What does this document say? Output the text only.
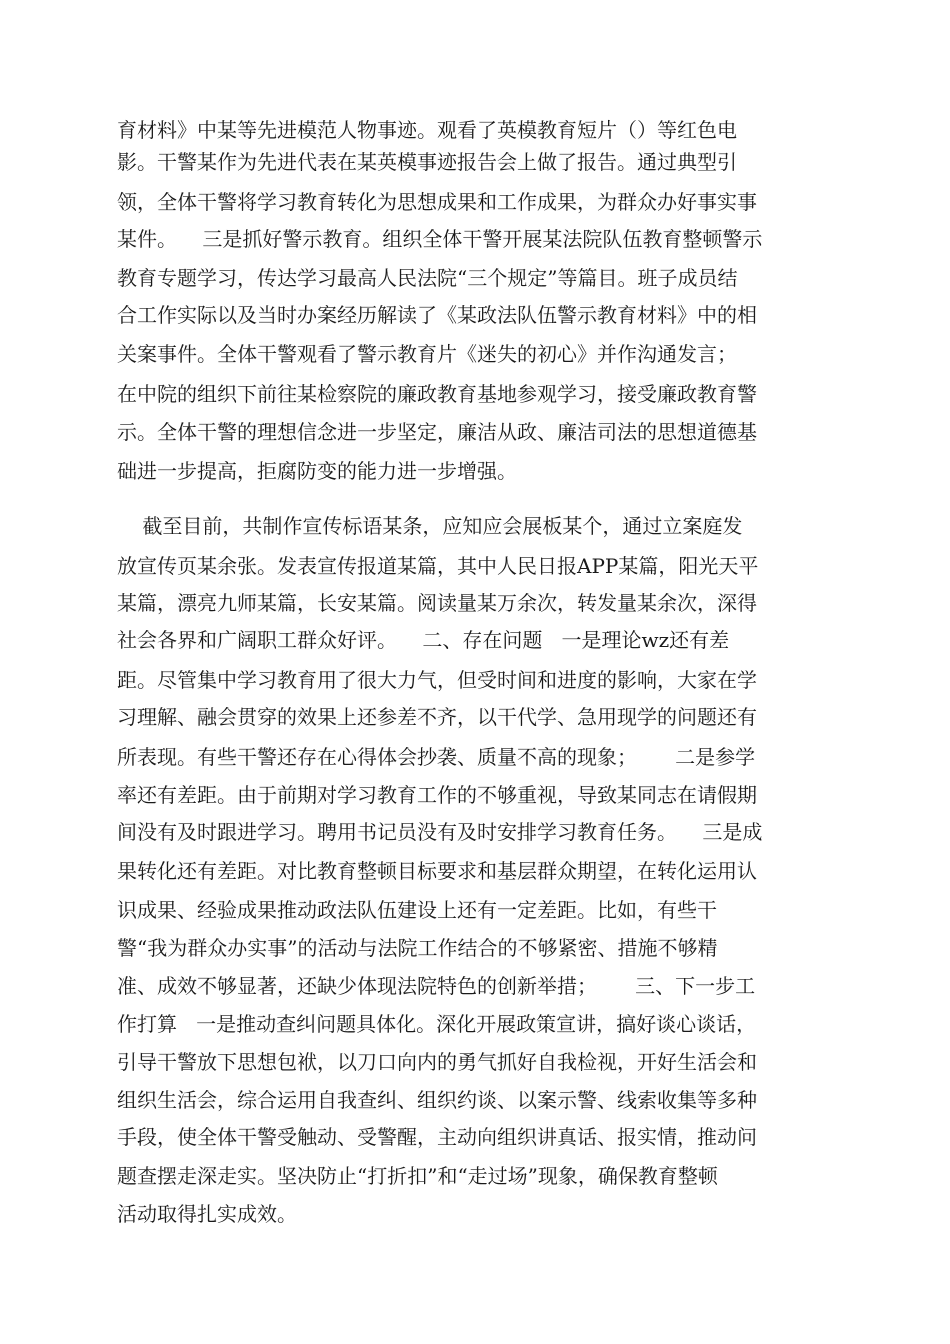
育材料》中某等先进模范人物事迹。观看了英模教育短片（）等红色电
影。干警某作为先进代表在某英模事迹报告会上做了报告。通过典型引
领，全体干警将学习教育转化为思想成果和工作成果，为群众办好事实事
某件。    三是抓好警示教育。组织全体干警开展某法院队伍教育整顿警示
教育专题学习，传达学习最高人民法院“三个规定”等篇目。班子成员结
合工作实际以及当时办案经历解读了《某政法队伍警示教育材料》中的相
关案事件。全体干警观看了警示教育片《迷失的初心》并作沟通发言；
在中院的组织下前往某检察院的廉政教育基地参观学习，接受廉政教育警
示。全体干警的理想信念进一步坚定，廉洁从政、廉洁司法的思想道德基
础进一步提高，拒腐防变的能力进一步增强。
截至目前，共制作宣传标语某条，应知应会展板某个，通过立案庭发
放宣传页某余张。发表宣传报道某篇，其中人民日报APP某篇，阳光天平
某篇，漂亮九师某篇，长安某篇。阅读量某万余次，转发量某余次，深得
社会各界和广阔职工群众好评。    二、存在问题   一是理论wz还有差
距。尽管集中学习教育用了很大力气，但受时间和进度的影响，大家在学
习理解、融会贯穿的效果上还参差不齐，以干代学、急用现学的问题还有
所表现。有些干警还存在心得体会抄袭、质量不高的现象；      二是参学
率还有差距。由于前期对学习教育工作的不够重视，导致某同志在请假期
间没有及时跟进学习。聘用书记员没有及时安排学习教育任务。    三是成
果转化还有差距。对比教育整顿目标要求和基层群众期望，在转化运用认
识成果、经验成果推动政法队伍建设上还有一定差距。比如，有些干
警“我为群众办实事”的活动与法院工作结合的不够紧密、措施不够精
准、成效不够显著，还缺少体现法院特色的创新举措；      三、下一步工
作打算   一是推动查纠问题具体化。深化开展政策宣讲，搞好谈心谈话，
引导干警放下思想包袱，以刀口向内的勇气抓好自我检视，开好生活会和
组织生活会，综合运用自我查纠、组织约谈、以案示警、线索收集等多种
手段，使全体干警受触动、受警醒，主动向组织讲真话、报实情，推动问
题查摆走深走实。坚决防止“打折扣”和“走过场”现象，确保教育整顿
活动取得扎实成效。
